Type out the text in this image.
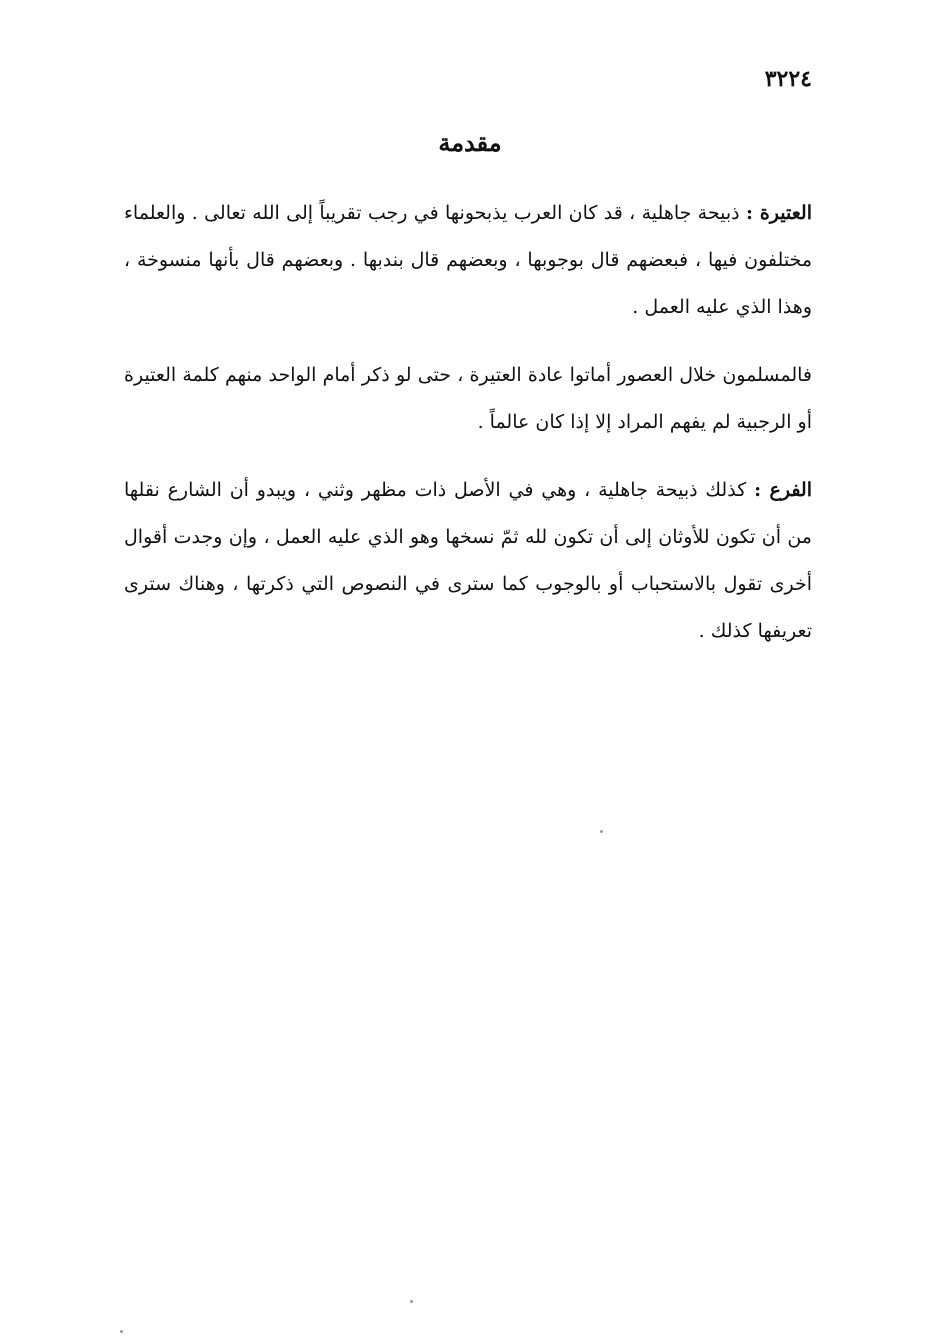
٣٢٢٤
مقدمة

العتيرة : ذبيحة جاهلية ، قد كان العرب يذبحونها في رجب تقريباً إلى الله تعالى . والعلماء مختلفون فيها ، فبعضهم قال بوجوبها ، وبعضهم قال بندبها . وبعضهم قال بأنها منسوخة ، وهذا الذي عليه العمل .

فالمسلمون خلال العصور أماتوا عادة العتيرة ، حتى لو ذكر أمام الواحد منهم كلمة العتيرة أو الرجبية لم يفهم المراد إلا إذا كان عالماً .

الفرع : كذلك ذبيحة جاهلية ، وهي في الأصل ذات مظهر وثني ، ويبدو أن الشارع نقلها من أن تكون للأوثان إلى أن تكون لله ثمّ نسخها وهو الذي عليه العمل ، وإن وجدت أقوال أخرى تقول بالاستحباب أو بالوجوب كما سترى في النصوص التي ذكرتها ، وهناك سترى تعريفها كذلك .
